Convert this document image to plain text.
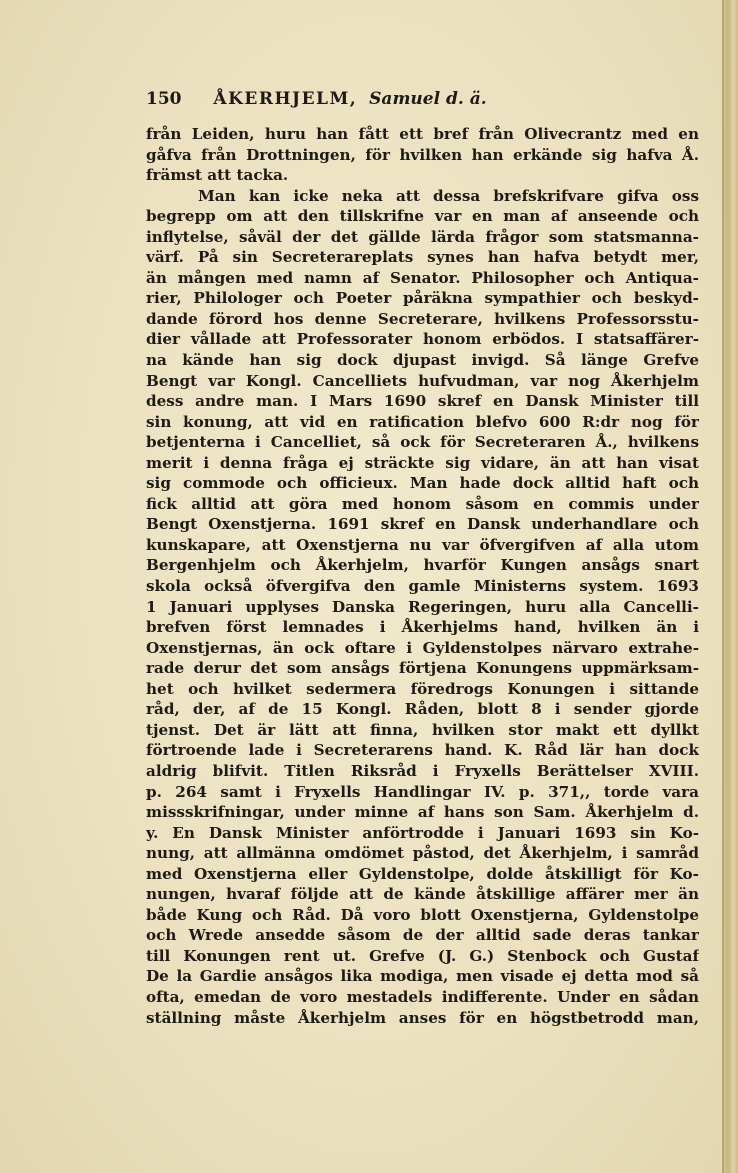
150 ÅKERHJELM, Samuel d. ä.
från Leiden, huru han fått ett bref från Olivecrantz med en
gåfva från Drottningen, för hvilken han erkände sig hafva Å.
främst att tacka.
Man kan icke neka att dessa brefskrifvare gifva oss
begrepp om att den tillskrifne var en man af anseende och
inflytelse, såväl der det gällde lärda frågor som statsmanna-
värf. På sin Secreterareplats synes han hafva betydt mer,
än mången med namn af Senator. Philosopher och Antiqua-
rier, Philologer och Poeter påräkna sympathier och beskyd-
dande förord hos denne Secreterare, hvilkens Professorsstu-
dier vållade att Professorater honom erbödos. I statsaffärer-
na kände han sig dock djupast invigd. Så länge Grefve
Bengt var Kongl. Cancelliets hufvudman, var nog Åkerhjelm
dess andre man. I Mars 1690 skref en Dansk Minister till
sin konung, att vid en ratification blefvo 600 R:dr nog för
betjenterna i Cancelliet, så ock för Secreteraren Å., hvilkens
merit i denna fråga ej sträckte sig vidare, än att han visat
sig commode och officieux. Man hade dock alltid haft och
fick alltid att göra med honom såsom en commis under
Bengt Oxenstjerna. 1691 skref en Dansk underhandlare och
kunskapare, att Oxenstjerna nu var öfvergifven af alla utom
Bergenhjelm och Åkerhjelm, hvarför Kungen ansågs snart
skola också öfvergifva den gamle Ministerns system. 1693
1 Januari upplyses Danska Regeringen, huru alla Cancelli-
brefven först lemnades i Åkerhjelms hand, hvilken än i
Oxenstjernas, än ock oftare i Gyldenstolpes närvaro extrahe-
rade derur det som ansågs förtjena Konungens uppmärksam-
het och hvilket sedermera föredrogs Konungen i sittande
råd, der, af de 15 Kongl. Råden, blott 8 i sender gjorde
tjenst. Det är lätt att finna, hvilken stor makt ett dyllkt
förtroende lade i Secreterarens hand. K. Råd lär han dock
aldrig blifvit. Titlen Riksråd i Fryxells Berättelser XVIII.
p. 264 samt i Fryxells Handlingar IV. p. 371,, torde vara
missskrifningar, under minne af hans son Sam. Åkerhjelm d.
y. En Dansk Minister anförtrodde i Januari 1693 sin Ko-
nung, att allmänna omdömet påstod, det Åkerhjelm, i samråd
med Oxenstjerna eller Gyldenstolpe, dolde åtskilligt för Ko-
nungen, hvaraf följde att de kände åtskillige affärer mer än
både Kung och Råd. Då voro blott Oxenstjerna, Gyldenstolpe
och Wrede ansedde såsom de der alltid sade deras tankar
till Konungen rent ut. Grefve (J. G.) Stenbock och Gustaf
De la Gardie ansågos lika modiga, men visade ej detta mod så
ofta, emedan de voro mestadels indifferente. Under en sådan
ställning måste Åkerhjelm anses för en högstbetrodd man,
